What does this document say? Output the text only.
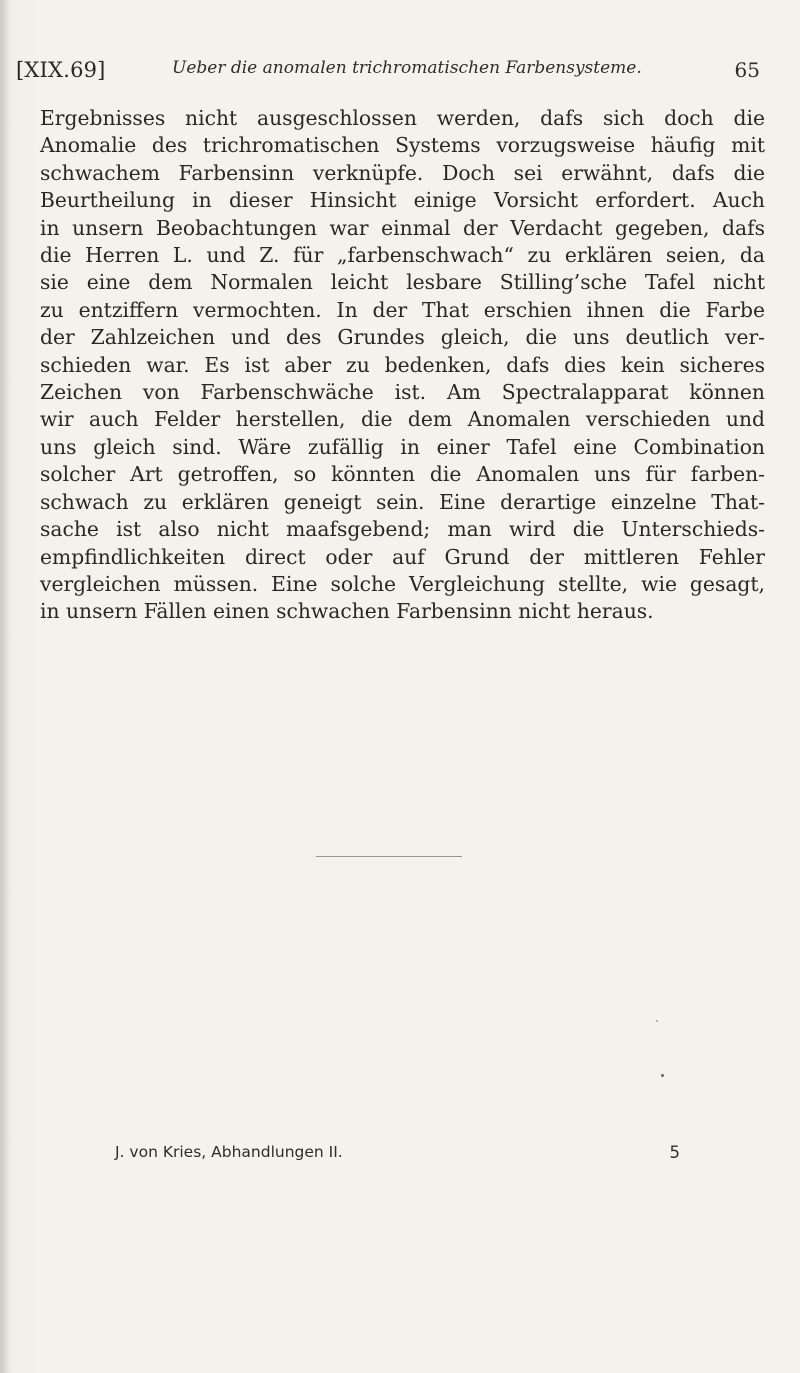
[XIX.69]	Ueber die anomalen trichromatischen Farbensysteme.	65
Ergebnisses nicht ausgeschlossen werden, dafs sich doch die
Anomalie des trichromatischen Systems vorzugsweise häufig mit
schwachem Farbensinn verknüpfe. Doch sei erwähnt, dafs die
Beurtheilung in dieser Hinsicht einige Vorsicht erfordert. Auch
in unsern Beobachtungen war einmal der Verdacht gegeben, dafs
die Herren L. und Z. für „farbenschwach“ zu erklären seien, da
sie eine dem Normalen leicht lesbare Stilling’sche Tafel nicht
zu entziffern vermochten. In der That erschien ihnen die Farbe
der Zahlzeichen und des Grundes gleich, die uns deutlich ver-
schieden war. Es ist aber zu bedenken, dafs dies kein sicheres
Zeichen von Farbenschwäche ist. Am Spectralapparat können
wir auch Felder herstellen, die dem Anomalen verschieden und
uns gleich sind. Wäre zufällig in einer Tafel eine Combination
solcher Art getroffen, so könnten die Anomalen uns für farben-
schwach zu erklären geneigt sein. Eine derartige einzelne That-
sache ist also nicht maafsgebend; man wird die Unterschieds-
empfindlichkeiten direct oder auf Grund der mittleren Fehler
vergleichen müssen. Eine solche Vergleichung stellte, wie gesagt,
in unsern Fällen einen schwachen Farbensinn nicht heraus.
J. von Kries, Abhandlungen II.	5
